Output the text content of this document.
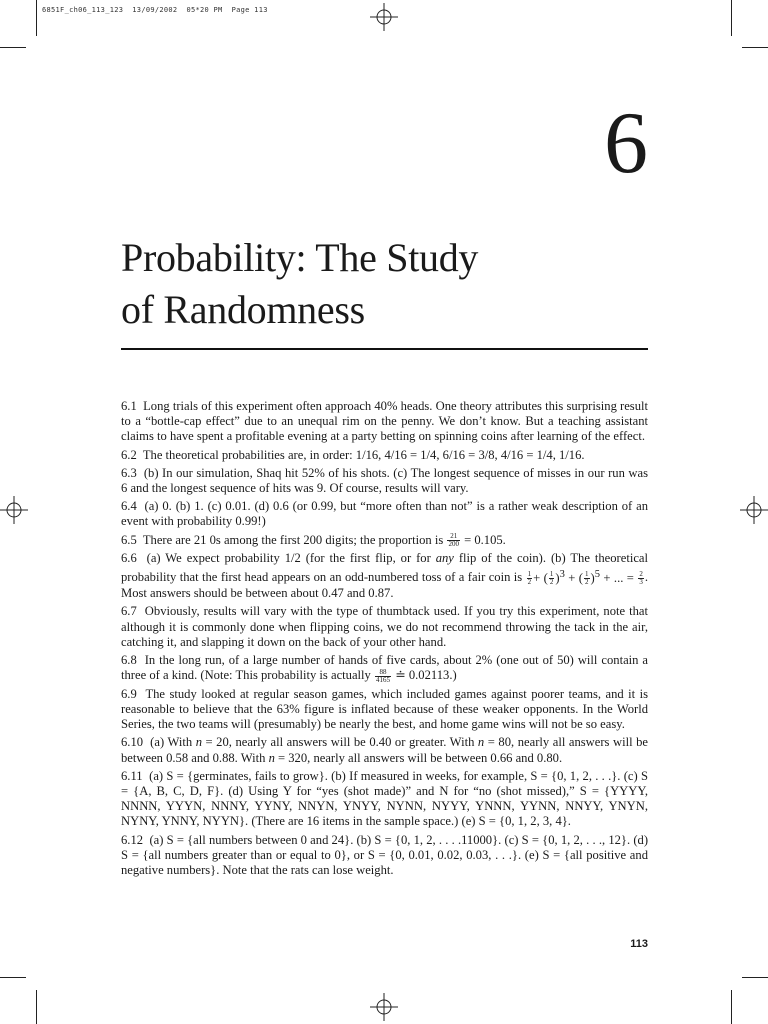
6851F_ch06_113_123  13/09/2002  05*20 PM  Page 113
6
Probability: The Study
of Randomness

6.1 Long trials of this experiment often approach 40% heads. One theory attributes this surprising result to a “bottle-cap effect” due to an unequal rim on the penny. We don’t know. But a teaching assistant claims to have spent a profitable evening at a party betting on spinning coins after learning of the effect.

6.2 The theoretical probabilities are, in order: 1/16, 4/16 = 1/4, 6/16 = 3/8, 4/16 = 1/4, 1/16.

6.3 (b) In our simulation, Shaq hit 52% of his shots. (c) The longest sequence of misses in our run was 6 and the longest sequence of hits was 9. Of course, results will vary.

6.4 (a) 0. (b) 1. (c) 0.01. (d) 0.6 (or 0.99, but “more often than not” is a rather weak description of an event with probability 0.99!)

6.5 There are 21 0s among the first 200 digits; the proportion is $\frac{21}{200} = 0.105$.

6.6 (a) We expect probability 1/2 (for the first flip, or for any flip of the coin). (b) The theoretical probability that the first head appears on an odd-numbered toss of a fair coin is $\frac{1}{2}$ + ( $\frac{1}{2} )^3$ + ( $\frac{1}{2} )^5$ + ... = $\frac{2}{3}$ . Most answers should be between about 0.47 and 0.87.

6.7 Obviously, results will vary with the type of thumbtack used. If you try this experiment, note that although it is commonly done when flipping coins, we do not recommend throwing the tack in the air, catching it, and slapping it down on the back of your other hand.

6.8 In the long run, of a large number of hands of five cards, about 2% (one out of 50) will contain a three of a kind. (Note: This probability is actually $\frac{88}{4165}$ ≐ 0.02113.)

6.9 The study looked at regular season games, which included games against poorer teams, and it is reasonable to believe that the 63% figure is inflated because of these weaker opponents. In the World Series, the two teams will (presumably) be nearly the best, and home game wins will not be so easy.

6.10 (a) With n = 20, nearly all answers will be 0.40 or greater. With n = 80, nearly all answers will be between 0.58 and 0.88. With n = 320, nearly all answers will be between 0.66 and 0.80.

6.11 (a) S = {germinates, fails to grow}. (b) If measured in weeks, for example, S = {0, 1, 2, . . .}. (c) S = {A, B, C, D, F}. (d) Using Y for “yes (shot made)” and N for “no (shot missed),” S = {YYYY, NNNN, YYYN, NNNY, YYNY, NNYN, YNYY, NYNN, NYYY, YNNN, YYNN, NNYY, YNYN, NYNY, YNNY, NYYN}. (There are 16 items in the sample space.) (e) S = {0, 1, 2, 3, 4}.

6.12 (a) S = {all numbers between 0 and 24}. (b) S = {0, 1, 2, . . . .11000}. (c) S = {0, 1, 2, . . ., 12}. (d) S = {all numbers greater than or equal to 0}, or S = {0, 0.01, 0.02, 0.03, . . .}. (e) S = {all positive and negative numbers}. Note that the rats can lose weight.

113
